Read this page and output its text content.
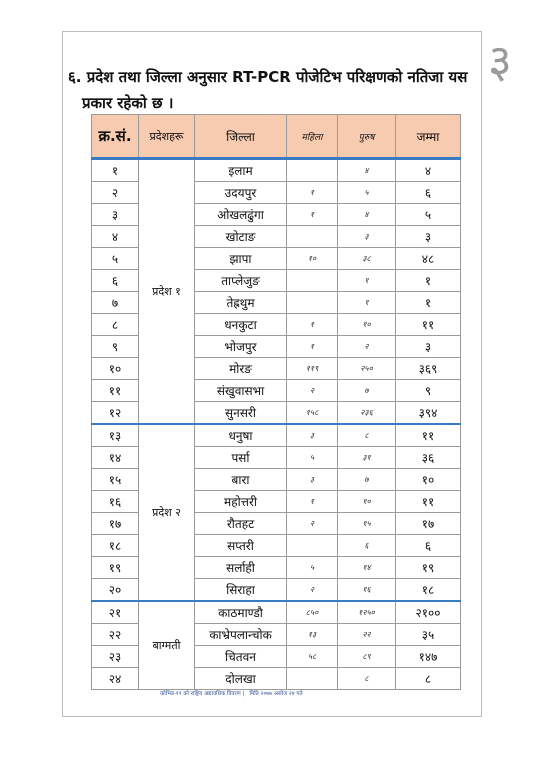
३
६. प्रदेश तथा जिल्ला अनुसार RT-PCR पोजेटिभ परिक्षणको नतिजा यस
प्रकार रहेको छ ।
क्र.सं.	प्रदेशहरू	जिल्ला	महिला	पुरुष	जम्मा
१	प्रदेश १	इलाम		४	४
२		उदयपुर	१	५	६
३		ओखलढुंगा	१	४	५
४		खोटाङ		३	३
५		झापा	१०	३८	४८
६		ताप्लेजुङ		१	१
७		तेह्रथुम		१	१
८		धनकुटा	१	१०	११
९		भोजपुर	१	२	३
१०		मोरङ	११९	२५०	३६९
११		संखुवासभा	२	७	९
१२		सुनसरी	१५८	२३६	३९४
१३	प्रदेश २	धनुषा	३	८	११
१४		पर्सा	५	३१	३६
१५		बारा	३	७	१०
१६		महोत्तरी	१	१०	११
१७		रौतहट	२	१५	१७
१८		सप्तरी		६	६
१९		सर्लाही	५	१४	१९
२०		सिराहा	२	१६	१८
२१	बाग्मती	काठमाण्डौ	८५०	१२५०	२१००
२२		काभ्रेपलान्चोक	१३	२२	३५
२३		चितवन	५८	८९	१४७
२४		दोलखा		८	८
कोभिड-१९ को राष्ट्रिय अद्यावधिक विवरण | मिति २०७७ असोज २४ गते
